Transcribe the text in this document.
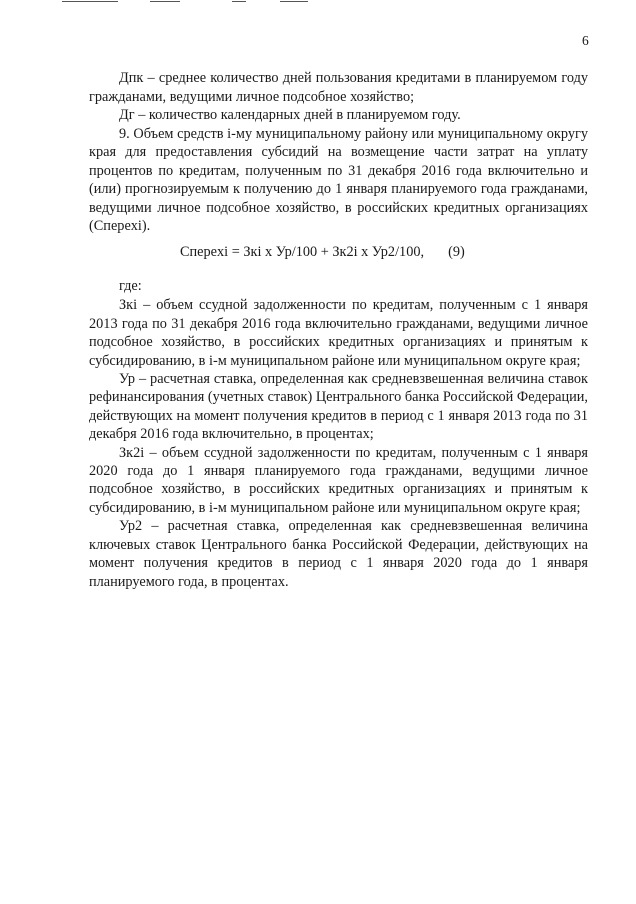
6

Дпк – среднее количество дней пользования кредитами в планируемом году гражданами, ведущими личное подсобное хозяйство;

Дг – количество календарных дней в планируемом году.

9. Объем средств i-му муниципальному району или муниципальному округу края для предоставления субсидий на возмещение части затрат на уплату процентов по кредитам, полученным по 31 декабря 2016 года включительно и (или) прогнозируемым к получению до 1 января планируемого года гражданами, ведущими личное подсобное хозяйство, в российских кредитных организациях (Спереxi).

Спереxi = Зкi x Ур/100 + Зк2i x Ур2/100, (9)

где:

Зкi – объем ссудной задолженности по кредитам, полученным с 1 января 2013 года по 31 декабря 2016 года включительно гражданами, ведущими личное подсобное хозяйство, в российских кредитных организациях и принятым к субсидированию, в i-м муниципальном районе или муниципальном округе края;

Ур – расчетная ставка, определенная как средневзвешенная величина ставок рефинансирования (учетных ставок) Центрального банка Российской Федерации, действующих на момент получения кредитов в период с 1 января 2013 года по 31 декабря 2016 года включительно, в процентах;

Зк2i – объем ссудной задолженности по кредитам, полученным с 1 января 2020 года до 1 января планируемого года гражданами, ведущими личное подсобное хозяйство, в российских кредитных организациях и принятым к субсидированию, в i-м муниципальном районе или муниципальном округе края;

Ур2 – расчетная ставка, определенная как средневзвешенная величина ключевых ставок Центрального банка Российской Федерации, действующих на момент получения кредитов в период с 1 января 2020 года до 1 января планируемого года, в процентах.
